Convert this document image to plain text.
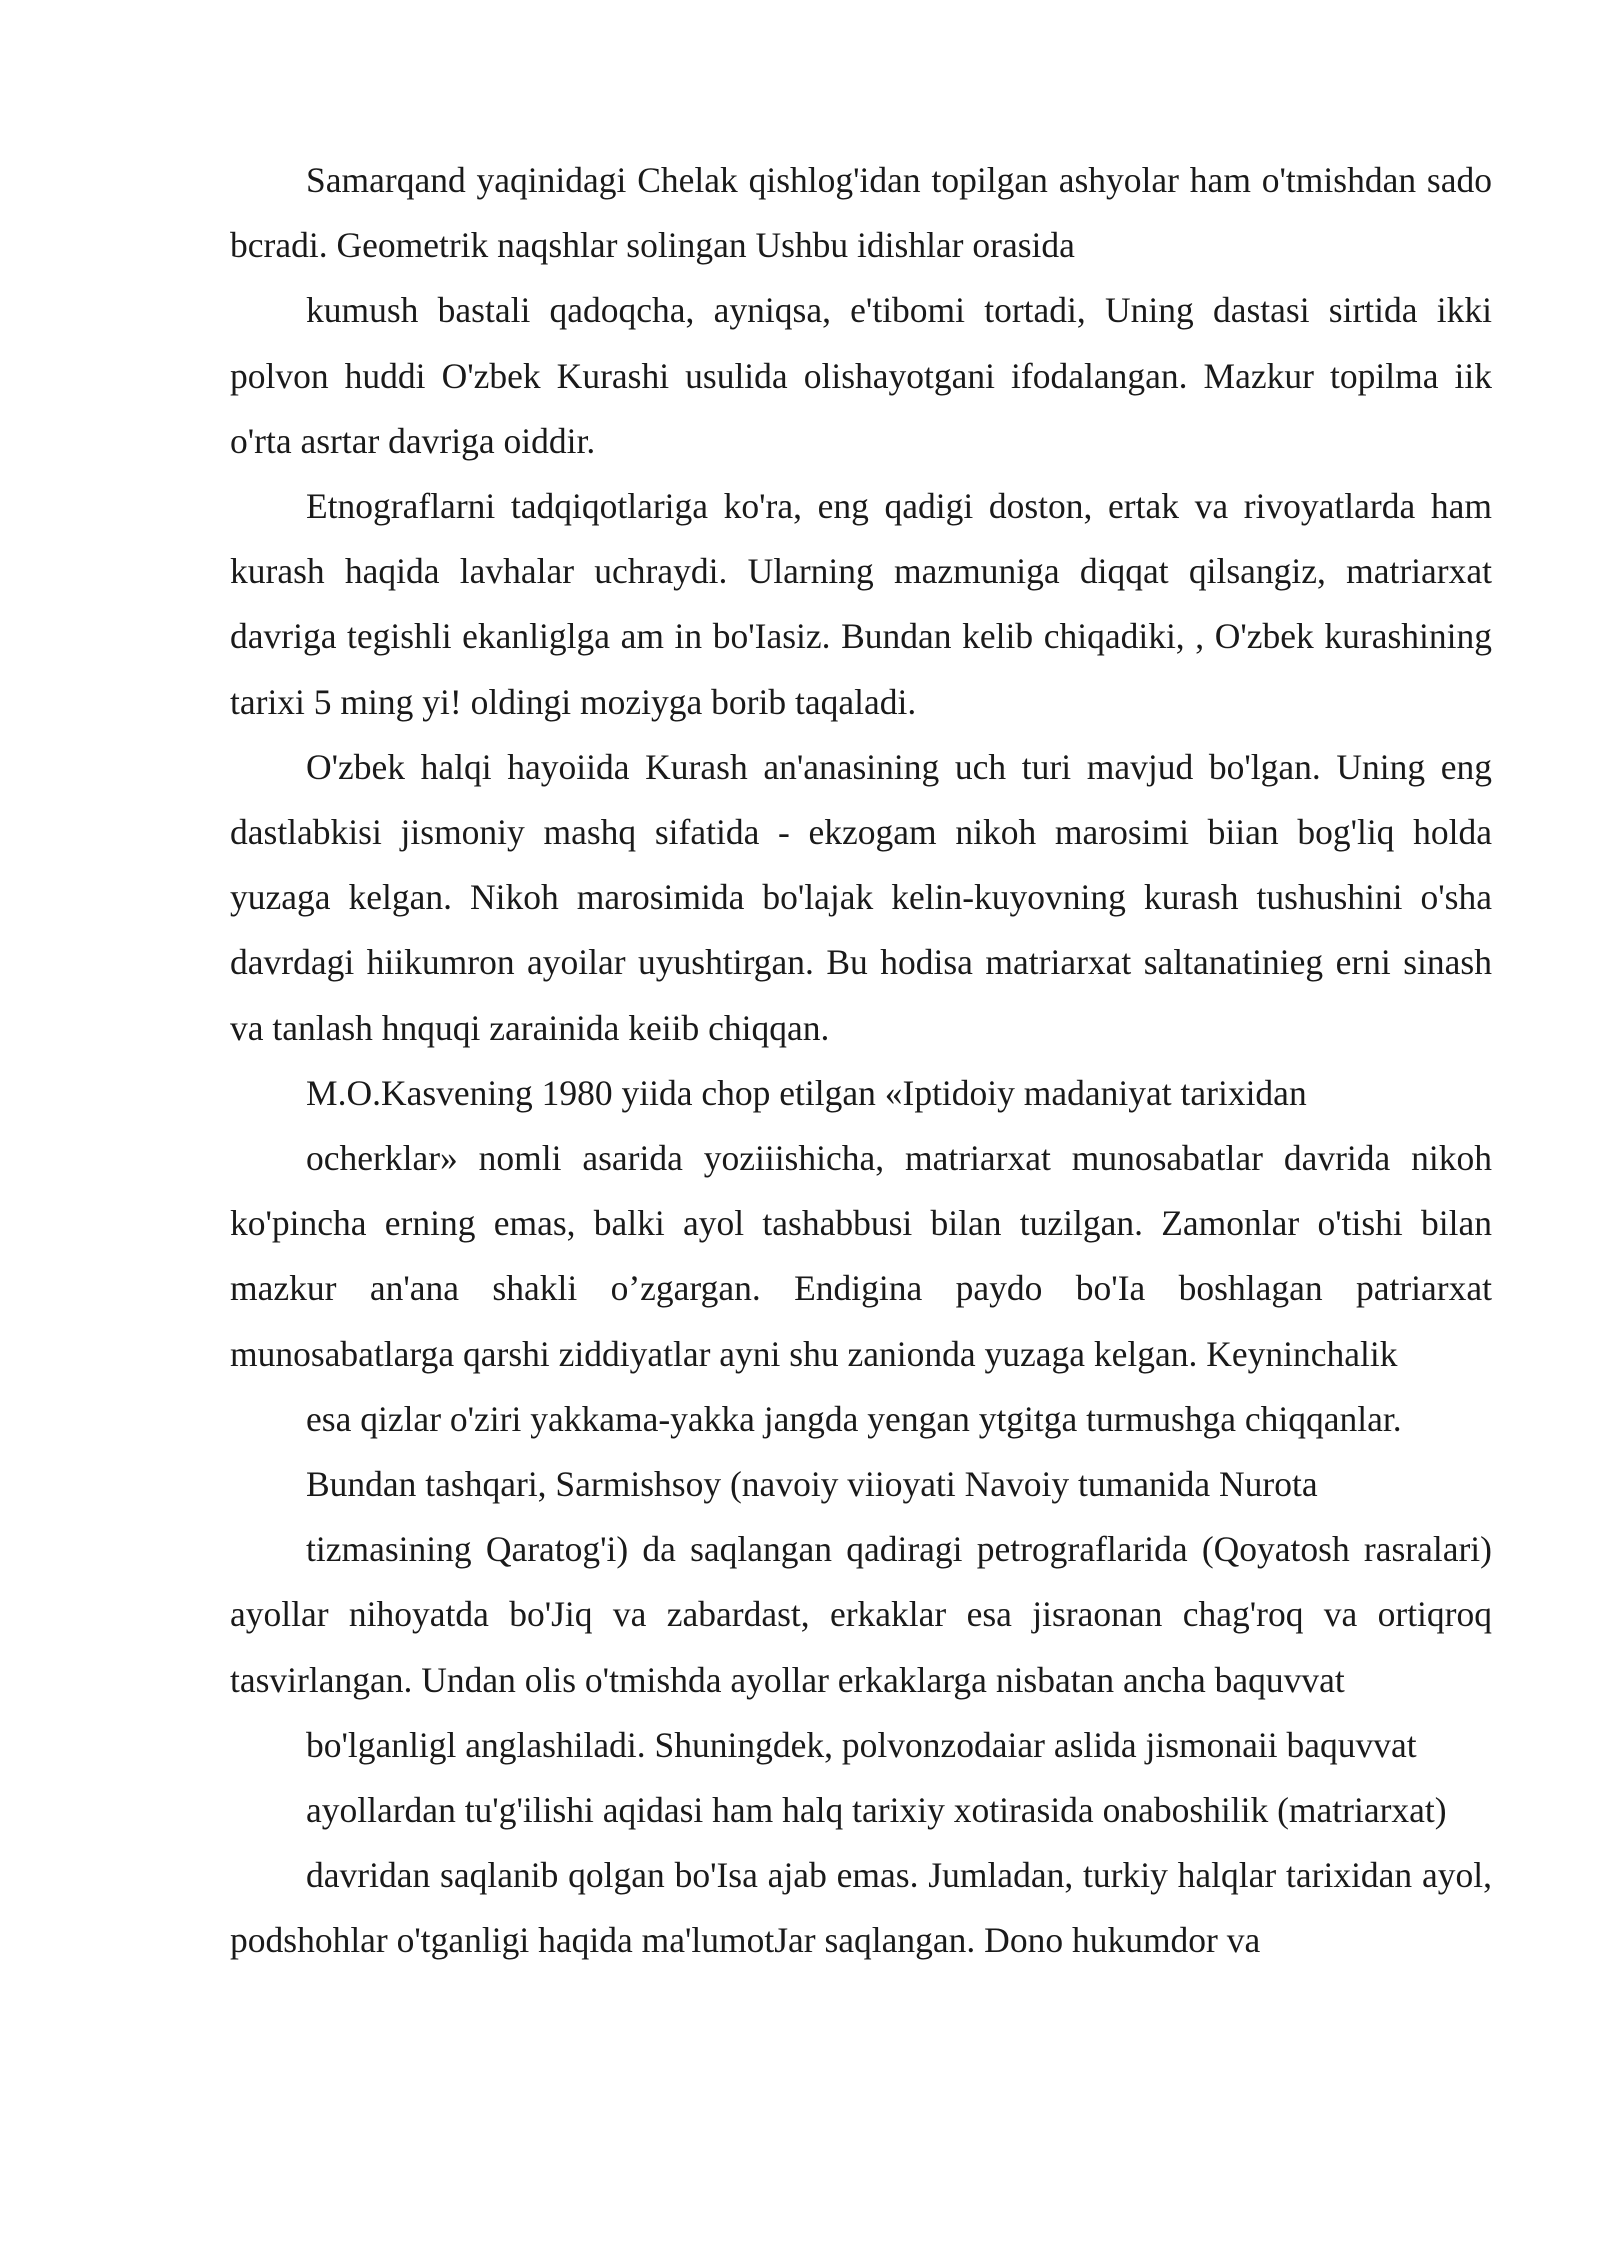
Samarqand yaqinidagi Chelak qishlog'idan topilgan ashyolar ham o'tmishdan sado bcradi. Geometrik naqshlar solingan Ushbu idishlar orasida

kumush bastali qadoqcha, ayniqsa, e'tibomi tortadi, Uning dastasi sirtida ikki polvon huddi O'zbek Kurashi usulida olishayotgani ifodalangan. Mazkur topilma iik o'rta asrtar davriga oiddir.

Etnograflarni tadqiqotlariga ko'ra, eng qadigi doston, ertak va rivoyatlarda ham kurash haqida lavhalar uchraydi. Ularning mazmuniga diqqat qilsangiz, matriarxat davriga tegishli ekanliglga am in bo'Iasiz. Bundan kelib chiqadiki, , O'zbek kurashining tarixi 5 ming yi! oldingi moziyga borib taqaladi.

O'zbek halqi hayoiida Kurash an'anasining uch turi mavjud bo'lgan. Uning eng dastlabkisi jismoniy mashq sifatida - ekzogam nikoh marosimi biian bog'liq holda yuzaga kelgan. Nikoh marosimida bo'lajak kelin-kuyovning kurash tushushini o'sha davrdagi hiikumron ayoilar uyushtirgan. Bu hodisa matriarxat saltanatinieg erni sinash va tanlash hnquqi zarainida keiib chiqqan.

M.O.Kasvening 1980 yiida chop etilgan «Iptidoiy madaniyat tarixidan

ocherklar» nomli asarida yoziiishicha, matriarxat munosabatlar davrida nikoh ko'pincha erning emas, balki ayol tashabbusi bilan tuzilgan. Zamonlar o'tishi bilan mazkur an'ana shakli o’zgargan. Endigina paydo bo'Ia boshlagan patriarxat munosabatlarga qarshi ziddiyatlar ayni shu zanionda yuzaga kelgan. Keyninchalik

esa qizlar o'ziri yakkama-yakka jangda yengan ytgitga turmushga chiqqanlar.

Bundan tashqari, Sarmishsoy (navoiy viioyati Navoiy tumanida Nurota

tizmasining Qaratog'i) da saqlangan qadiragi petrograflarida (Qoyatosh rasralari) ayollar nihoyatda bo'Jiq va zabardast, erkaklar esa jisraonan chag'roq va ortiqroq tasvirlangan. Undan olis o'tmishda ayollar erkaklarga nisbatan ancha baquvvat

bo'lganligl anglashiladi. Shuningdek, polvonzodaiar aslida jismonaii baquvvat

ayollardan tu'g'ilishi aqidasi ham halq tarixiy xotirasida onaboshilik (matriarxat)

davridan saqlanib qolgan bo'Isa ajab emas. Jumladan, turkiy halqlar tarixidan ayol, podshohlar o'tganligi haqida ma'lumotJar saqlangan. Dono hukumdor va
